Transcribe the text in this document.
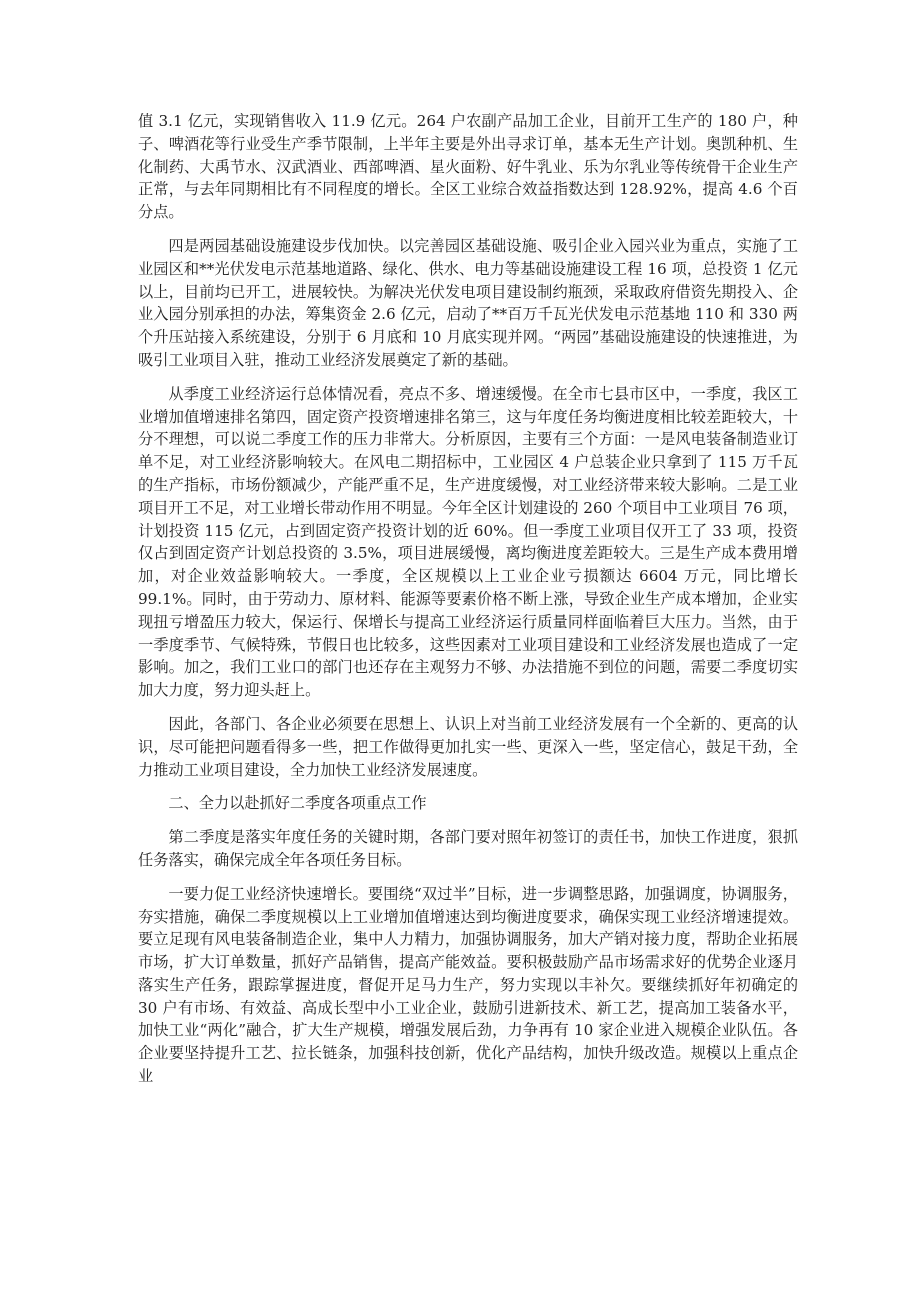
值 3.1 亿元，实现销售收入 11.9 亿元。264 户农副产品加工企业，目前开工生产的 180 户，种子、啤酒花等行业受生产季节限制，上半年主要是外出寻求订单，基本无生产计划。奥凯种机、生化制药、大禹节水、汉武酒业、西部啤酒、星火面粉、好牛乳业、乐为尔乳业等传统骨干企业生产正常，与去年同期相比有不同程度的增长。全区工业综合效益指数达到 128.92%，提高 4.6 个百分点。

四是两园基础设施建设步伐加快。以完善园区基础设施、吸引企业入园兴业为重点，实施了工业园区和**光伏发电示范基地道路、绿化、供水、电力等基础设施建设工程 16 项，总投资 1 亿元以上，目前均已开工，进展较快。为解决光伏发电项目建设制约瓶颈，采取政府借资先期投入、企业入园分别承担的办法，筹集资金 2.6 亿元，启动了**百万千瓦光伏发电示范基地 110 和 330 两个升压站接入系统建设，分别于 6 月底和 10 月底实现并网。“两园”基础设施建设的快速推进，为吸引工业项目入驻，推动工业经济发展奠定了新的基础。

从季度工业经济运行总体情况看，亮点不多、增速缓慢。在全市七县市区中，一季度，我区工业增加值增速排名第四，固定资产投资增速排名第三，这与年度任务均衡进度相比较差距较大，十分不理想，可以说二季度工作的压力非常大。分析原因，主要有三个方面：一是风电装备制造业订单不足，对工业经济影响较大。在风电二期招标中，工业园区 4 户总装企业只拿到了 115 万千瓦的生产指标，市场份额减少，产能严重不足，生产进度缓慢，对工业经济带来较大影响。二是工业项目开工不足，对工业增长带动作用不明显。今年全区计划建设的 260 个项目中工业项目 76 项，计划投资 115 亿元，占到固定资产投资计划的近 60%。但一季度工业项目仅开工了 33 项，投资仅占到固定资产计划总投资的 3.5%，项目进展缓慢，离均衡进度差距较大。三是生产成本费用增加，对企业效益影响较大。一季度，全区规模以上工业企业亏损额达 6604 万元，同比增长 99.1%。同时，由于劳动力、原材料、能源等要素价格不断上涨，导致企业生产成本增加，企业实现扭亏增盈压力较大，保运行、保增长与提高工业经济运行质量同样面临着巨大压力。当然，由于一季度季节、气候特殊，节假日也比较多，这些因素对工业项目建设和工业经济发展也造成了一定影响。加之，我们工业口的部门也还存在主观努力不够、办法措施不到位的问题，需要二季度切实加大力度，努力迎头赶上。

因此，各部门、各企业必须要在思想上、认识上对当前工业经济发展有一个全新的、更高的认识，尽可能把问题看得多一些，把工作做得更加扎实一些、更深入一些，坚定信心，鼓足干劲，全力推动工业项目建设，全力加快工业经济发展速度。

二、全力以赴抓好二季度各项重点工作

第二季度是落实年度任务的关键时期，各部门要对照年初签订的责任书，加快工作进度，狠抓任务落实，确保完成全年各项任务目标。

一要力促工业经济快速增长。要围绕“双过半”目标，进一步调整思路，加强调度，协调服务，夯实措施，确保二季度规模以上工业增加值增速达到均衡进度要求，确保实现工业经济增速提效。要立足现有风电装备制造企业，集中人力精力，加强协调服务，加大产销对接力度，帮助企业拓展市场，扩大订单数量，抓好产品销售，提高产能效益。要积极鼓励产品市场需求好的优势企业逐月落实生产任务，跟踪掌握进度，督促开足马力生产，努力实现以丰补欠。要继续抓好年初确定的 30 户有市场、有效益、高成长型中小工业企业，鼓励引进新技术、新工艺，提高加工装备水平，加快工业“两化”融合，扩大生产规模，增强发展后劲，力争再有 10 家企业进入规模企业队伍。各企业要坚持提升工艺、拉长链条，加强科技创新，优化产品结构，加快升级改造。规模以上重点企业
